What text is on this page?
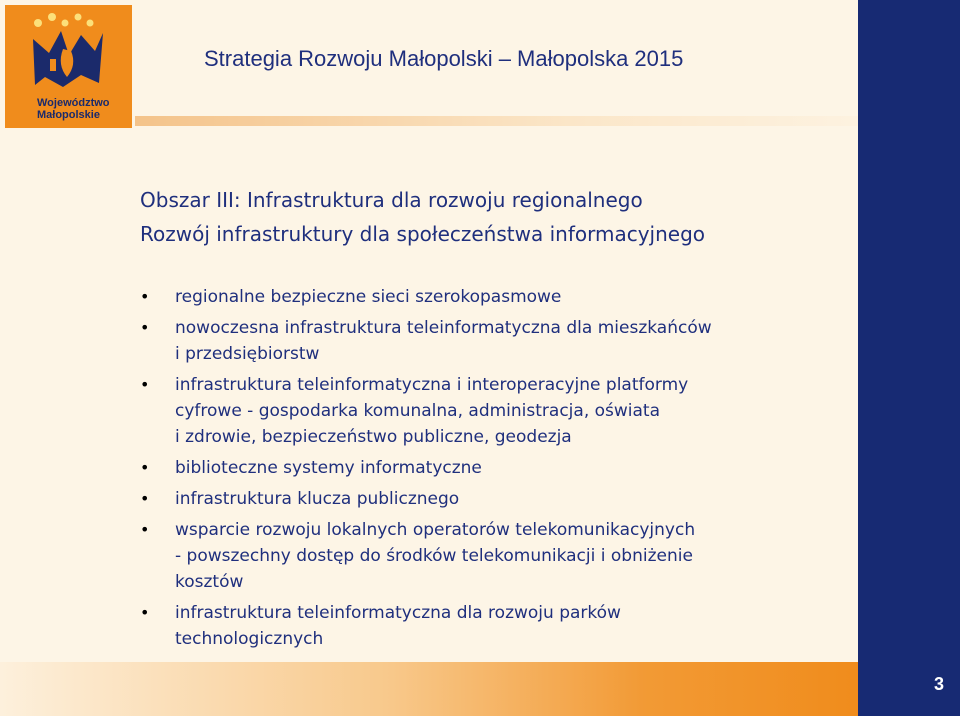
Województwo
Małopolskie
Strategia Rozwoju Małopolski – Małopolska 2015
3
Obszar III: Infrastruktura dla rozwoju regionalnego
Rozwój infrastruktury dla społeczeństwa informacyjnego
• regionalne bezpieczne sieci szerokopasmowe
• nowoczesna infrastruktura teleinformatyczna dla mieszkańców
i przedsiębiorstw
• infrastruktura teleinformatyczna i interoperacyjne platformy
cyfrowe - gospodarka komunalna, administracja, oświata
i zdrowie, bezpieczeństwo publiczne, geodezja
• biblioteczne systemy informatyczne
• infrastruktura klucza publicznego
• wsparcie rozwoju lokalnych operatorów telekomunikacyjnych
- powszechny dostęp do środków telekomunikacji i obniżenie
kosztów
• infrastruktura teleinformatyczna dla rozwoju parków
technologicznych
